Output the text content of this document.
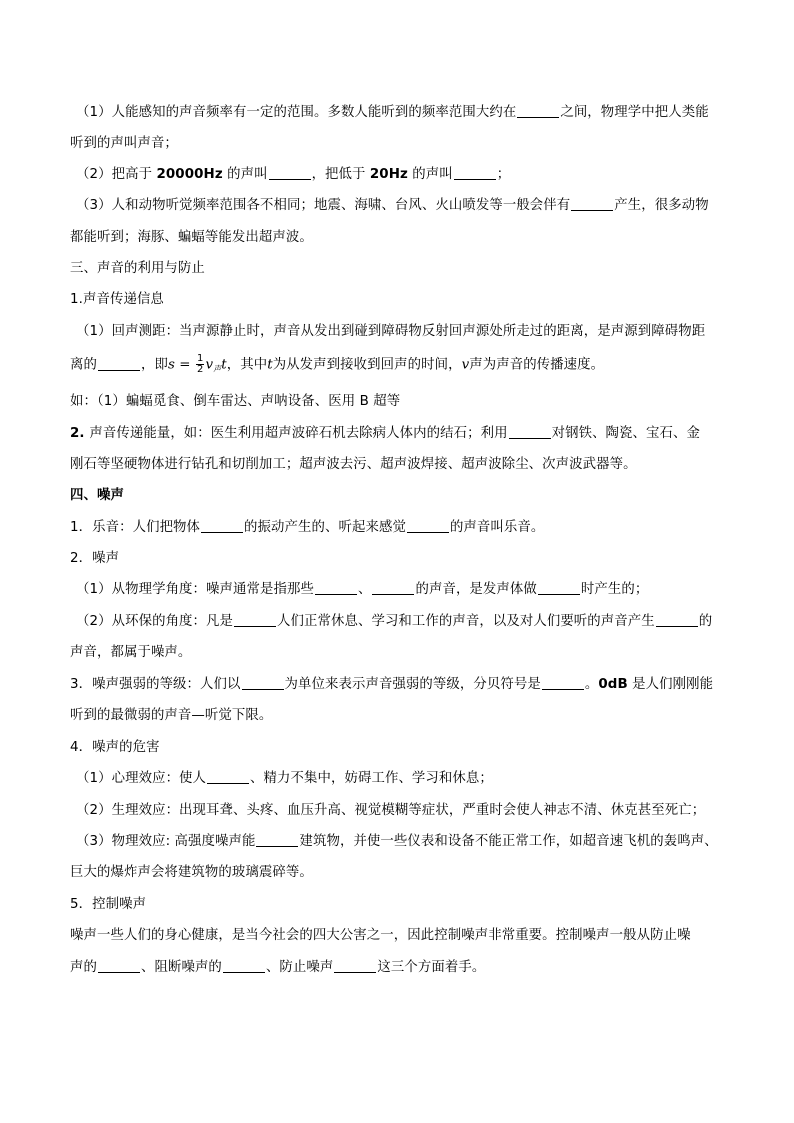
（1）人能感知的声音频率有一定的范围。多数人能听到的频率范围大约在	之间，物理学中把人类能
听到的声叫声音；
（2）把高于 20000Hz 的声叫	，把低于 20Hz 的声叫	；
（3）人和动物听觉频率范围各不相同；地震、海啸、台风、火山喷发等一般会伴有	产生，很多动物
都能听到；海豚、蝙蝠等能发出超声波。
三、声音的利用与防止
1.声音传递信息
（1）回声测距：当声源静止时，声音从发出到碰到障碍物反射回声源处所走过的距离，是声源到障碍物距
离的	，即$s = \frac{1}{2} v_声t$，其中t为从发声到接收到回声的时间，v声为声音的传播速度。
如：（1）蝙蝠觅食、倒车雷达、声呐设备、医用 B 超等
2. 声音传递能量，如：医生利用超声波碎石机去除病人体内的结石；利用	对钢铁、陶瓷、宝石、金
刚石等坚硬物体进行钻孔和切削加工；超声波去污、超声波焊接、超声波除尘、次声波武器等。
四、噪声
1．乐音：人们把物体	的振动产生的、听起来感觉	的声音叫乐音。
2．噪声
（1）从物理学角度：噪声通常是指那些	、	的声音，是发声体做	时产生的；
（2）从环保的角度：凡是	人们正常休息、学习和工作的声音，以及对人们要听的声音产生	的
声音，都属于噪声。
3．噪声强弱的等级：人们以	为单位来表示声音强弱的等级，分贝符号是	。0dB 是人们刚刚能
听到的最微弱的声音—听觉下限。
4．噪声的危害
（1）心理效应：使人	、精力不集中，妨碍工作、学习和休息；
（2）生理效应：出现耳聋、头疼、血压升高、视觉模糊等症状，严重时会使人神志不清、休克甚至死亡；
（3）物理效应: 高强度噪声能	建筑物，并使一些仪表和设备不能正常工作，如超音速飞机的轰鸣声、
巨大的爆炸声会将建筑物的玻璃震碎等。
5．控制噪声
噪声一些人们的身心健康，是当今社会的四大公害之一，因此控制噪声非常重要。控制噪声一般从防止噪
声的	、阻断噪声的	、防止噪声	这三个方面着手。
